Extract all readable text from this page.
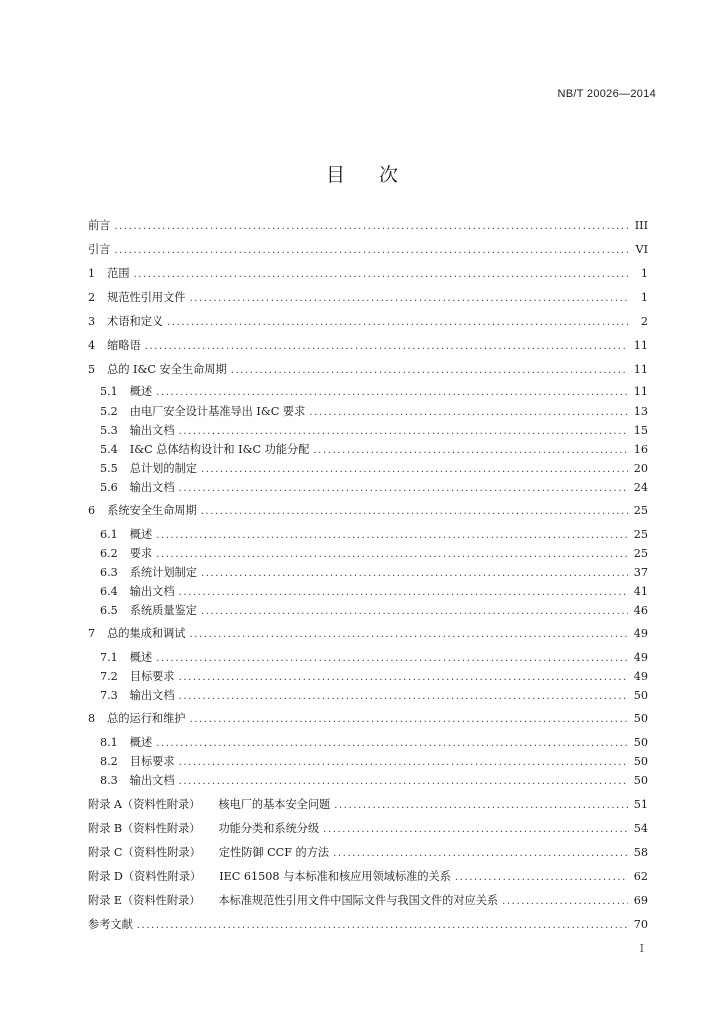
NB/T 20026—2014
目次
前言 .....	III
引言 .....	VI
1 范围 .....	1
2 规范性引用文件 .....	1
3 术语和定义 .....	2
4 缩略语 .....	11
5 总的 I&C 安全生命周期 .....	11
5.1 概述 .....	11
5.2 由电厂安全设计基准导出 I&C 要求 .....	13
5.3 输出文档 .....	15
5.4 I&C 总体结构设计和 I&C 功能分配 .....	16
5.5 总计划的制定 .....	20
5.6 输出文档 .....	24
6 系统安全生命周期 .....	25
6.1 概述 .....	25
6.2 要求 .....	25
6.3 系统计划制定 .....	37
6.4 输出文档 .....	41
6.5 系统质量鉴定 .....	46
7 总的集成和调试 .....	49
7.1 概述 .....	49
7.2 目标要求 .....	49
7.3 输出文档 .....	50
8 总的运行和维护 .....	50
8.1 概述 .....	50
8.2 目标要求 .....	50
8.3 输出文档 .....	50
附录 A（资料性附录） 核电厂的基本安全问题 .....	51
附录 B（资料性附录） 功能分类和系统分级 .....	54
附录 C（资料性附录） 定性防御 CCF 的方法 .....	58
附录 D（资料性附录） IEC 61508 与本标准和核应用领域标准的关系 .....	62
附录 E（资料性附录） 本标准规范性引用文件中国际文件与我国文件的对应关系 .....	69
参考文献 .....	70
I
